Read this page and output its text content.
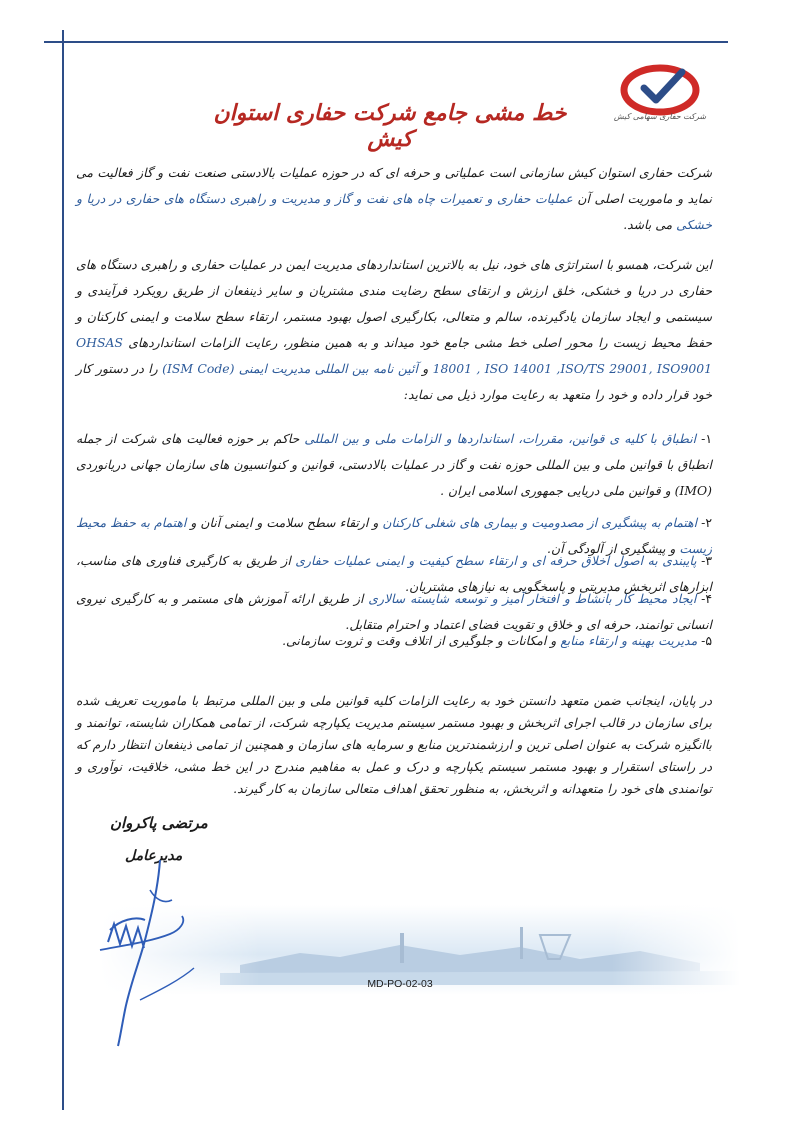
شرکت حفاری سهامی کیش
خط مشی جامع شرکت حفاری استوان کیش
شرکت حفاری استوان کیش سازمانی است عملیاتی و حرفه ای که در حوزه عملیات بالادستی صنعت نفت و گاز فعالیت می نماید و ماموریت اصلی آن عملیات حفاری و تعمیرات چاه های نفت و گاز و مدیریت و راهبری دستگاه های حفاری در دریا و خشکی می باشد.
این شرکت، همسو با استراتژی های خود، نیل به بالاترین استانداردهای مدیریت ایمن در عملیات حفاری و راهبری دستگاه های حفاری در دریا و خشکی، خلق ارزش و ارتقای سطح رضایت مندی مشتریان و سایر ذینفعان از طریق رویکرد فرآیندی و سیستمی و ایجاد سازمان یادگیرنده، سالم و متعالی، بکارگیری اصول بهبود مستمر، ارتقاء سطح سلامت و ایمنی کارکنان و حفظ محیط زیست را محور اصلی خط مشی جامع خود میداند و به همین منظور، رعایت الزامات استانداردهای OHSAS 18001 , ISO 14001 ,ISO/TS 29001, ISO9001 و آئین نامه بین المللی مدیریت ایمنی (ISM Code) را در دستور کار خود قرار داده و خود را متعهد به رعایت موارد ذیل می نماید:
۱- انطباق با کلیه ی قوانین، مقررات، استانداردها و الزامات ملی و بین المللی حاکم بر حوزه فعالیت های شرکت از جمله انطباق با قوانین ملی و بین المللی حوزه نفت و گاز در عملیات بالادستی، قوانین و کنوانسیون های سازمان جهانی دریانوردی (IMO) و قوانین ملی دریایی جمهوری اسلامی ایران .
۲- اهتمام به پیشگیری از مصدومیت و بیماری های شغلی کارکنان و ارتقاء سطح سلامت و ایمنی آنان و اهتمام به حفظ محیط زیست و پیشگیری از آلودگی آن.
۳- پایبندی به اصول اخلاق حرفه ای و ارتقاء سطح کیفیت و ایمنی عملیات حفاری از طریق به کارگیری فناوری های مناسب، ابزارهای اثربخش مدیریتی و پاسخگویی به نیازهای مشتریان.
۴- ایجاد محیط کار بانشاط و افتخار آمیز و توسعه شایسته سالاری از طریق ارائه آموزش های مستمر و به کارگیری نیروی انسانی توانمند، حرفه ای و خلاق و تقویت فضای اعتماد و احترام متقابل.
۵- مدیریت بهینه و ارتقاء منابع و امکانات و جلوگیری از اتلاف وقت و ثروت سازمانی.
در پایان، اینجانب ضمن متعهد دانستن خود به رعایت الزامات کلیه قوانین ملی و بین المللی مرتبط با ماموریت تعریف شده برای سازمان در قالب اجرای اثربخش و بهبود مستمر سیستم مدیریت یکپارچه شرکت، از تمامی همکاران شایسته، توانمند و باانگیزه شرکت به عنوان اصلی ترین و ارزشمندترین منابع و سرمایه های سازمان و همچنین از تمامی ذینفعان انتظار دارم که در راستای استقرار و بهبود مستمر سیستم یکپارچه و درک و عمل به مفاهیم مندرج در این خط مشی، خلاقیت، نوآوری و توانمندی های خود را متعهدانه و اثربخش، به منظور تحقق اهداف متعالی سازمان به کار گیرند.
مرتضی پاکروان
مدیرعامل
MD-PO-02-03
